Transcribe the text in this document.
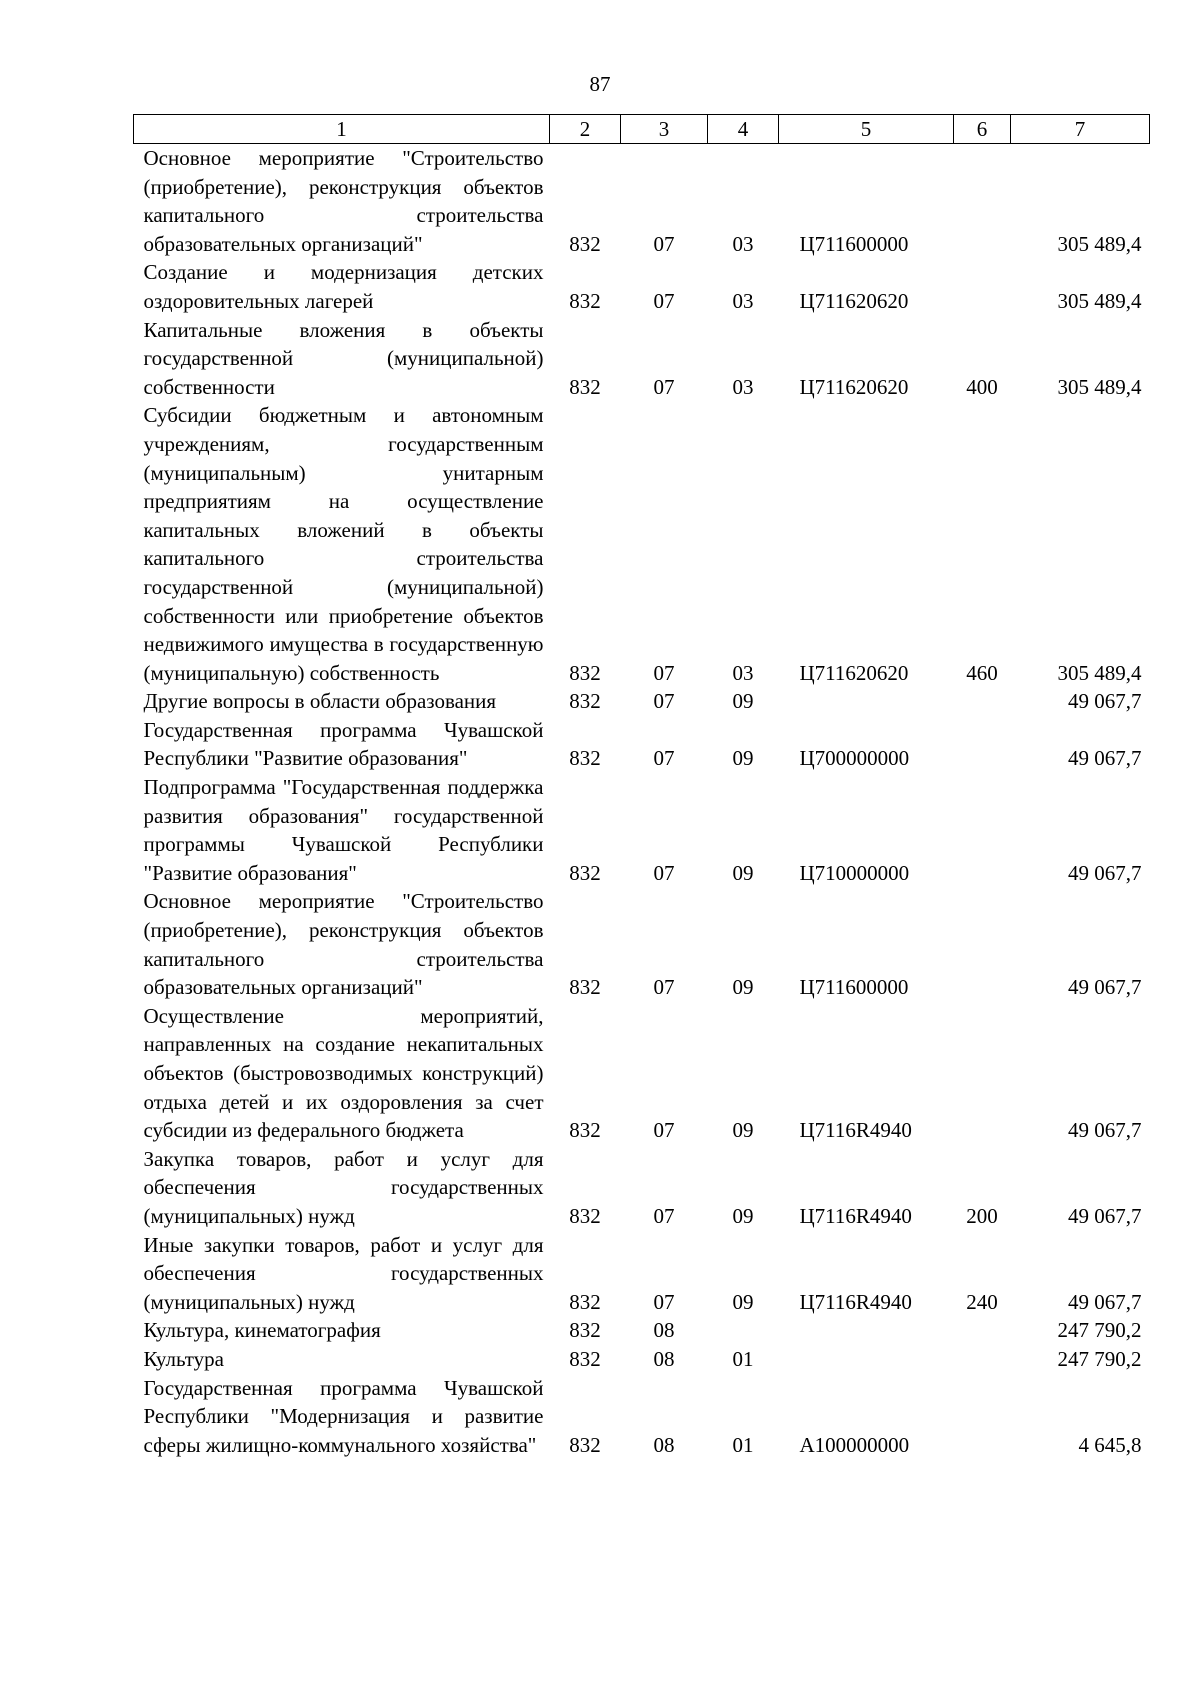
87
1	2	3	4	5	6	7
Основное мероприятие "Строительство (приобретение), реконструкция объектов капитального строительства образовательных организаций"	832	07	03	Ц711600000		305 489,4
Создание и модернизация детских оздоровительных лагерей	832	07	03	Ц711620620		305 489,4
Капитальные вложения в объекты государственной (муниципальной) собственности	832	07	03	Ц711620620	400	305 489,4
Субсидии бюджетным и автономным учреждениям, государственным (муниципальным) унитарным предприятиям на осуществление капитальных вложений в объекты капитального строительства государственной (муниципальной) собственности или приобретение объектов недвижимого имущества в государственную (муниципальную) собственность	832	07	03	Ц711620620	460	305 489,4
Другие вопросы в области образования	832	07	09			49 067,7
Государственная программа Чувашской Республики "Развитие образования"	832	07	09	Ц700000000		49 067,7
Подпрограмма "Государственная поддержка развития образования" государственной программы Чувашской Республики "Развитие образования"	832	07	09	Ц710000000		49 067,7
Основное мероприятие "Строительство (приобретение), реконструкция объектов капитального строительства образовательных организаций"	832	07	09	Ц711600000		49 067,7
Осуществление мероприятий, направленных на создание некапитальных объектов (быстровозводимых конструкций) отдыха детей и их оздоровления за счет субсидии из федерального бюджета	832	07	09	Ц7116R4940		49 067,7
Закупка товаров, работ и услуг для обеспечения государственных (муниципальных) нужд	832	07	09	Ц7116R4940	200	49 067,7
Иные закупки товаров, работ и услуг для обеспечения государственных (муниципальных) нужд	832	07	09	Ц7116R4940	240	49 067,7
Культура, кинематография	832	08				247 790,2
Культура	832	08	01			247 790,2
Государственная программа Чувашской Республики "Модернизация и развитие сферы жилищно-коммунального хозяйства"	832	08	01	А100000000		4 645,8
